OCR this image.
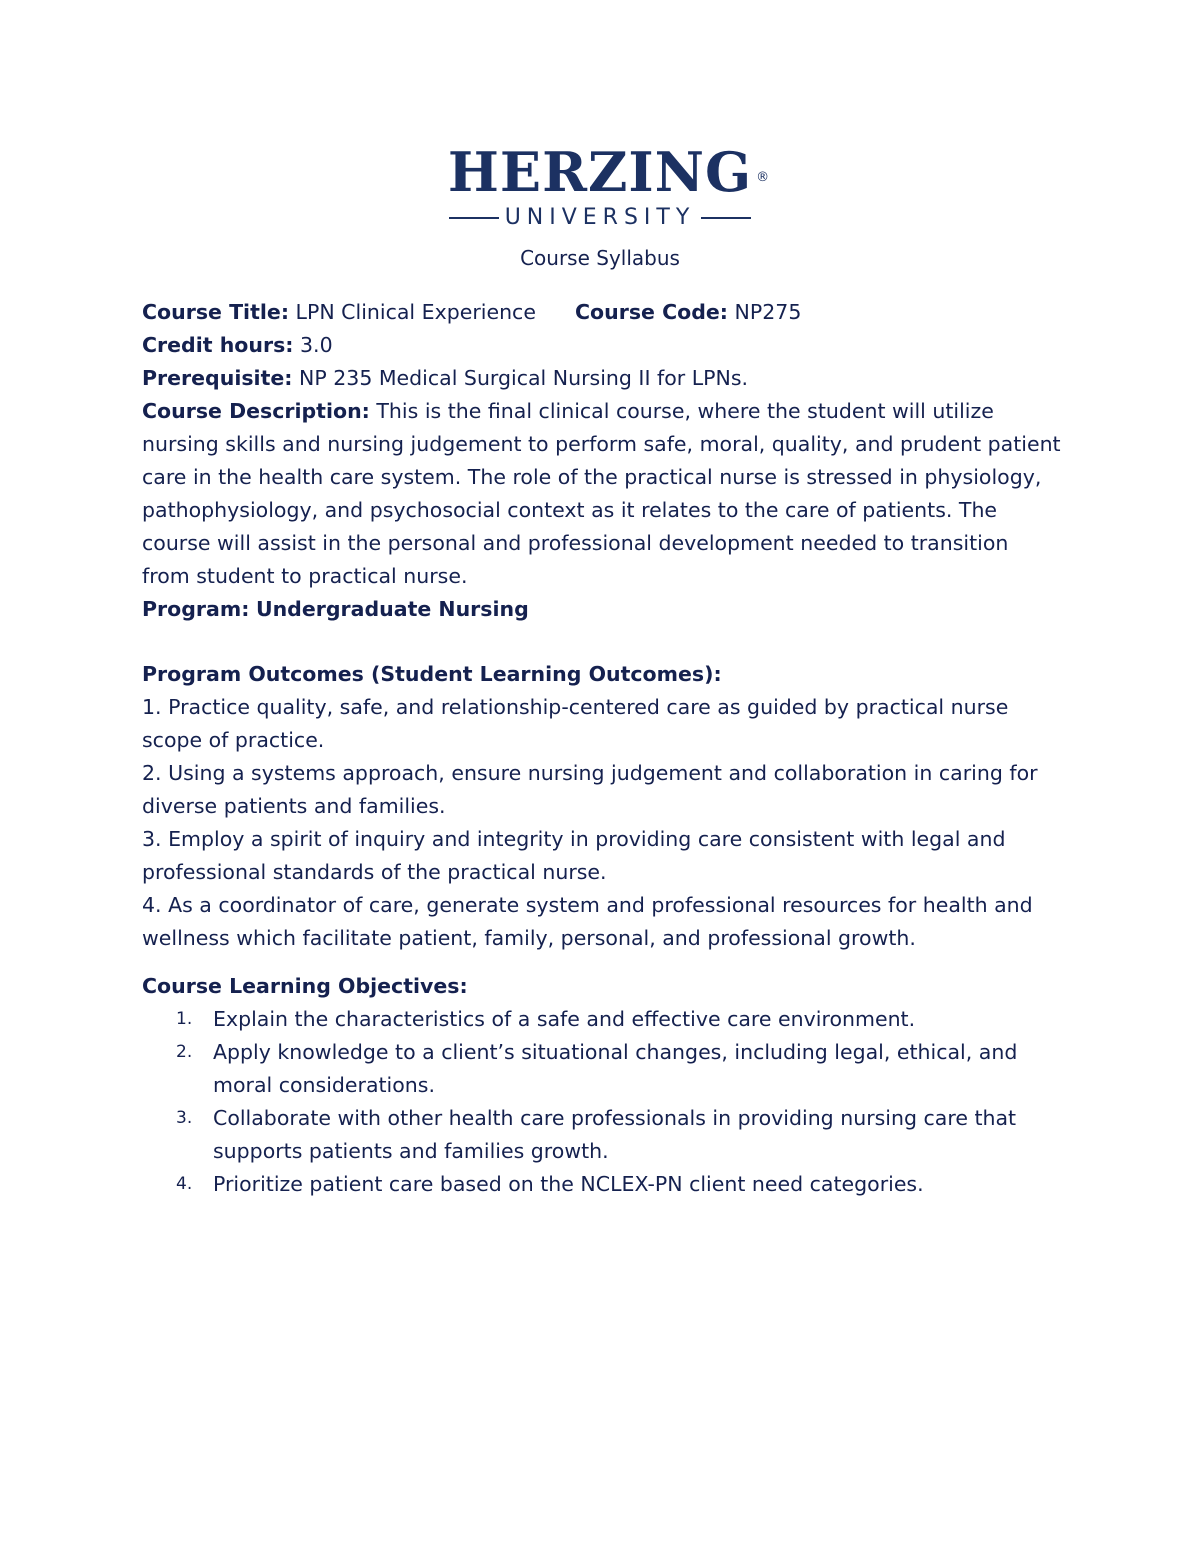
HERZING ®
UNIVERSITY
Course Syllabus

Course Title: LPN Clinical Experience Course Code: NP275

Credit hours: 3.0

Prerequisite: NP 235 Medical Surgical Nursing II for LPNs.

Course Description: This is the final clinical course, where the student will utilize nursing skills and nursing judgement to perform safe, moral, quality, and prudent patient care in the health care system. The role of the practical nurse is stressed in physiology, pathophysiology, and psychosocial context as it relates to the care of patients. The course will assist in the personal and professional development needed to transition from student to practical nurse.

Program: Undergraduate Nursing

Program Outcomes (Student Learning Outcomes):

1. Practice quality, safe, and relationship-centered care as guided by practical nurse scope of practice.

2. Using a systems approach, ensure nursing judgement and collaboration in caring for diverse patients and families.

3. Employ a spirit of inquiry and integrity in providing care consistent with legal and professional standards of the practical nurse.

4. As a coordinator of care, generate system and professional resources for health and wellness which facilitate patient, family, personal, and professional growth.

Course Learning Objectives:

1. Explain the characteristics of a safe and effective care environment.
2. Apply knowledge to a client’s situational changes, including legal, ethical, and moral considerations.
3. Collaborate with other health care professionals in providing nursing care that supports patients and families growth.
4. Prioritize patient care based on the NCLEX-PN client need categories.
